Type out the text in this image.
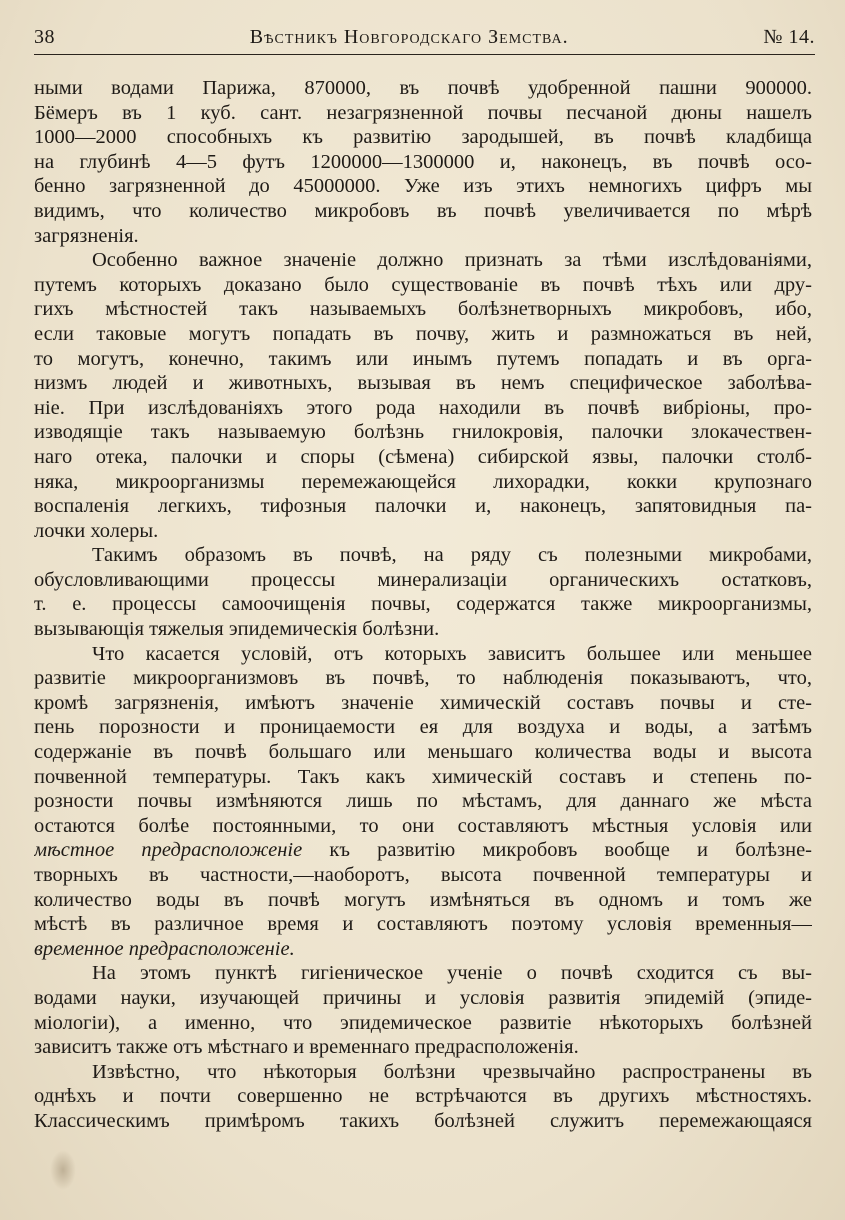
38	Вѣстникъ Новгородскаго Земства.	№ 14.
ными водами Парижа, 870000, въ почвѣ удобренной пашни 900000.
Бёмеръ въ 1 куб. сант. незагрязненной почвы песчаной дюны нашелъ
1000—2000 способныхъ къ развитію зародышей, въ почвѣ кладбища
на глубинѣ 4—5 футъ 1200000—1300000 и, наконецъ, въ почвѣ осо-
бенно загрязненной до 45000000. Уже изъ этихъ немногихъ цифръ мы
видимъ, что количество микробовъ въ почвѣ увеличивается по мѣрѣ
загрязненія.
Особенно важное значеніе должно признать за тѣми изслѣдованіями,
путемъ которыхъ доказано было существованіе въ почвѣ тѣхъ или дру-
гихъ мѣстностей такъ называемыхъ болѣзнетворныхъ микробовъ, ибо,
если таковые могутъ попадать въ почву, жить и размножаться въ ней,
то могутъ, конечно, такимъ или инымъ путемъ попадать и въ орга-
низмъ людей и животныхъ, вызывая въ немъ специфическое заболѣва-
ніе. При изслѣдованіяхъ этого рода находили въ почвѣ вибріоны, про-
изводящіе такъ называемую болѣзнь гнилокровія, палочки злокачествен-
наго отека, палочки и споры (сѣмена) сибирской язвы, палочки столб-
няка, микроорганизмы перемежающейся лихорадки, кокки крупознаго
воспаленія легкихъ, тифозныя палочки и, наконецъ, запятовидныя па-
лочки холеры.
Такимъ образомъ въ почвѣ, на ряду съ полезными микробами,
обусловливающими процессы минерализаціи органическихъ остатковъ,
т. е. процессы самоочищенія почвы, содержатся также микроорганизмы,
вызывающія тяжелыя эпидемическія болѣзни.
Что касается условій, отъ которыхъ зависитъ большее или меньшее
развитіе микроорганизмовъ въ почвѣ, то наблюденія показываютъ, что,
кромѣ загрязненія, имѣютъ значеніе химическій составъ почвы и сте-
пень порозности и проницаемости ея для воздуха и воды, а затѣмъ
содержаніе въ почвѣ большаго или меньшаго количества воды и высота
почвенной температуры. Такъ какъ химическій составъ и степень по-
розности почвы измѣняются лишь по мѣстамъ, для даннаго же мѣста
остаются болѣе постоянными, то они составляютъ мѣстныя условія или
мѣстное предрасположеніе къ развитію микробовъ вообще и болѣзне-
творныхъ въ частности,—наоборотъ, высота почвенной температуры и
количество воды въ почвѣ могутъ измѣняться въ одномъ и томъ же
мѣстѣ въ различное время и составляютъ поэтому условія временныя—
временное предрасположеніе.
На этомъ пунктѣ гигіеническое ученіе о почвѣ сходится съ вы-
водами науки, изучающей причины и условія развитія эпидемій (эпиде-
міологіи), а именно, что эпидемическое развитіе нѣкоторыхъ болѣзней
зависитъ также отъ мѣстнаго и временнаго предрасположенія.
Извѣстно, что нѣкоторыя болѣзни чрезвычайно распространены въ
однѣхъ и почти совершенно не встрѣчаются въ другихъ мѣстностяхъ.
Классическимъ примѣромъ такихъ болѣзней служитъ перемежающаяся
